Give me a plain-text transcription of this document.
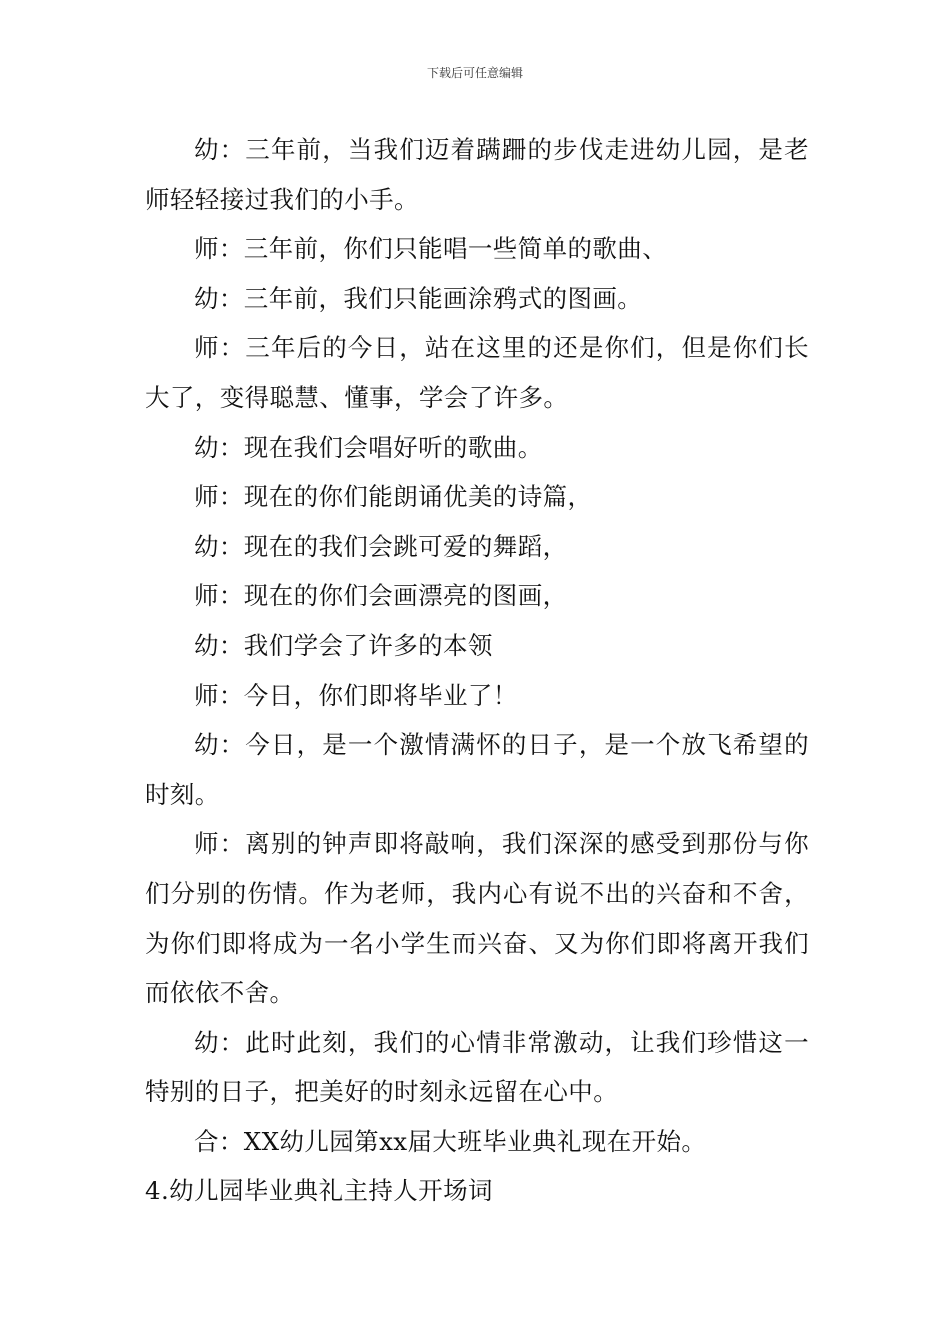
下载后可任意编辑

幼：三年前，当我们迈着蹒跚的步伐走进幼儿园，是老师轻轻接过我们的小手。

师：三年前，你们只能唱一些简单的歌曲、

幼：三年前，我们只能画涂鸦式的图画。

师：三年后的今日，站在这里的还是你们，但是你们长大了，变得聪慧、懂事，学会了许多。

幼：现在我们会唱好听的歌曲。

师：现在的你们能朗诵优美的诗篇，

幼：现在的我们会跳可爱的舞蹈，

师：现在的你们会画漂亮的图画，

幼：我们学会了许多的本领

师：今日，你们即将毕业了！

幼：今日，是一个激情满怀的日子，是一个放飞希望的时刻。

师：离别的钟声即将敲响，我们深深的感受到那份与你们分别的伤情。作为老师，我内心有说不出的兴奋和不舍，为你们即将成为一名小学生而兴奋、又为你们即将离开我们而依依不舍。

幼：此时此刻，我们的心情非常激动，让我们珍惜这一特别的日子，把美好的时刻永远留在心中。

合：XX幼儿园第xx届大班毕业典礼现在开始。

4.幼儿园毕业典礼主持人开场词
